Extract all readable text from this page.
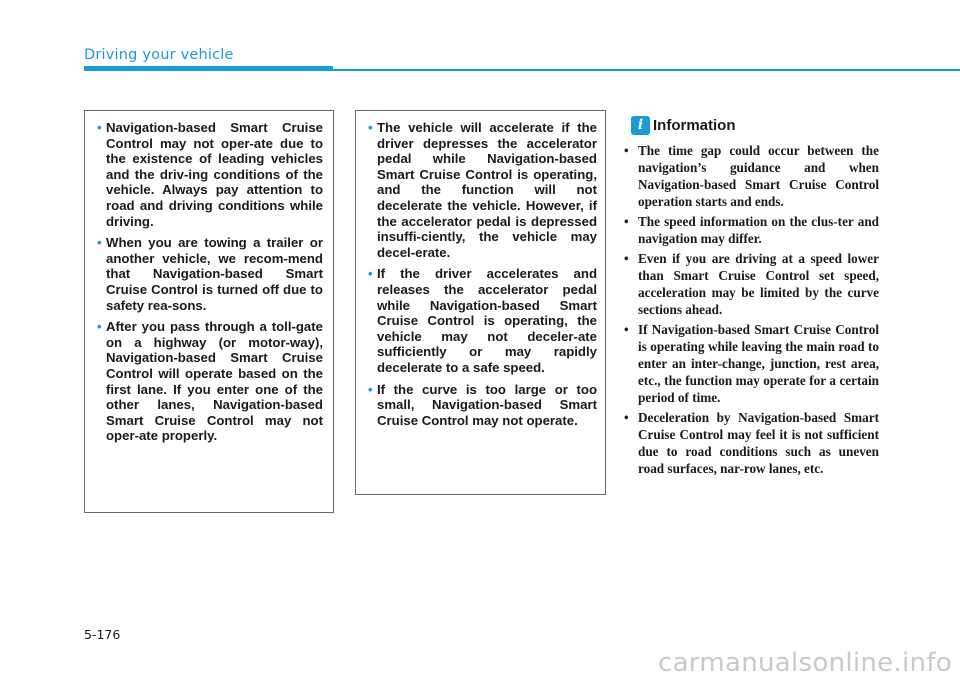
Driving your vehicle
• Navigation-based Smart Cruise Control may not oper-ate due to the existence of leading vehicles and the driv-ing conditions of the vehicle. Always pay attention to road and driving conditions while driving.
• When you are towing a trailer or another vehicle, we recom-mend that Navigation-based Smart Cruise Control is turned off due to safety rea-sons.
• After you pass through a toll-gate on a highway (or motor-way), Navigation-based Smart Cruise Control will operate based on the first lane. If you enter one of the other lanes, Navigation-based Smart Cruise Control may not oper-ate properly.
• The vehicle will accelerate if the driver depresses the accelerator pedal while Navigation-based Smart Cruise Control is operating, and the function will not decelerate the vehicle. However, if the accelerator pedal is depressed insuffi-ciently, the vehicle may decel-erate.
• If the driver accelerates and releases the accelerator pedal while Navigation-based Smart Cruise Control is operating, the vehicle may not deceler-ate sufficiently or may rapidly decelerate to a safe speed.
• If the curve is too large or too small, Navigation-based Smart Cruise Control may not operate.
i Information
• The time gap could occur between the navigation’s guidance and when Navigation-based Smart Cruise Control operation starts and ends.
• The speed information on the clus-ter and navigation may differ.
• Even if you are driving at a speed lower than Smart Cruise Control set speed, acceleration may be limited by the curve sections ahead.
• If Navigation-based Smart Cruise Control is operating while leaving the main road to enter an inter-change, junction, rest area, etc., the function may operate for a certain period of time.
• Deceleration by Navigation-based Smart Cruise Control may feel it is not sufficient due to road conditions such as uneven road surfaces, nar-row lanes, etc.
5-176
carmanualsonline.info
